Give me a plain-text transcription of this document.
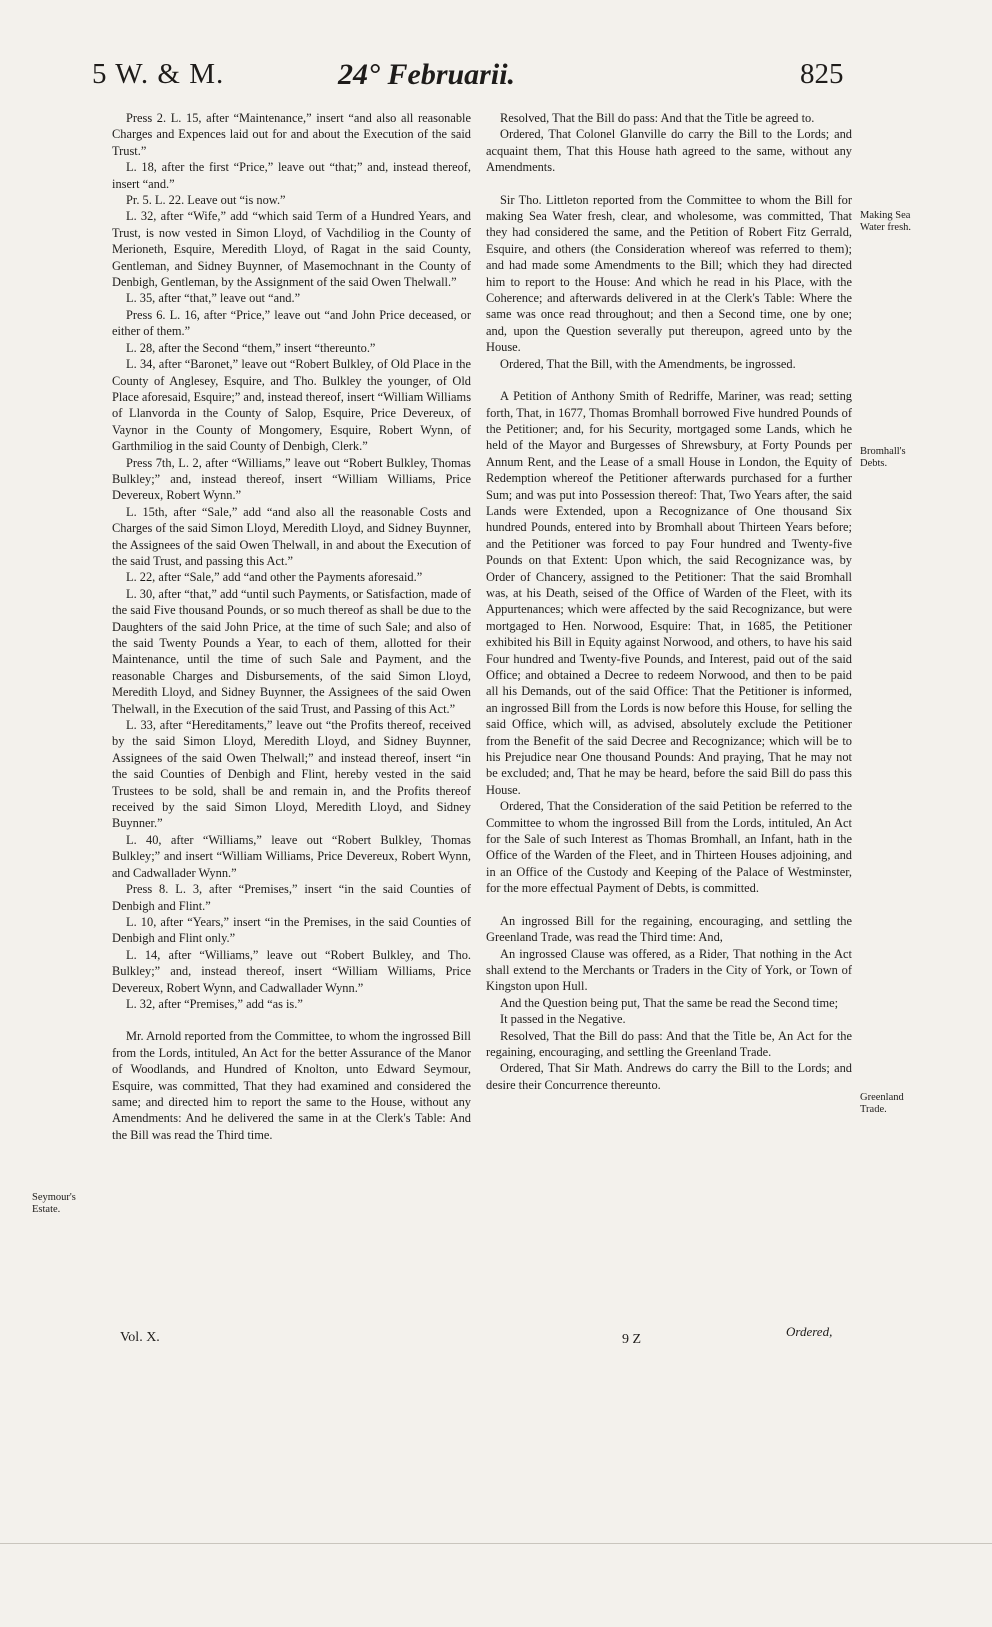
5 W. & M.	24° Februarii.	825

Press 2. L. 15, after “Maintenance,” insert “and also all reasonable Charges and Expences laid out for and about the Execution of the said Trust.”

L. 18, after the first “Price,” leave out “that;” and, instead thereof, insert “and.”

Pr. 5. L. 22. Leave out “is now.”

L. 32, after “Wife,” add “which said Term of a Hundred Years, and Trust, is now vested in Simon Lloyd, of Vachdiliog in the County of Merioneth, Esquire, Meredith Lloyd, of Ragat in the said County, Gentleman, and Sidney Buynner, of Masemochnant in the County of Denbigh, Gentleman, by the Assignment of the said Owen Thelwall.”

L. 35, after “that,” leave out “and.”

Press 6. L. 16, after “Price,” leave out “and John Price deceased, or either of them.”

L. 28, after the Second “them,” insert “thereunto.”

L. 34, after “Baronet,” leave out “Robert Bulkley, of Old Place in the County of Anglesey, Esquire, and Tho. Bulkley the younger, of Old Place aforesaid, Esquire;” and, instead thereof, insert “William Williams of Llanvorda in the County of Salop, Esquire, Price Devereux, of Vaynor in the County of Mongomery, Esquire, Robert Wynn, of Garthmiliog in the said County of Denbigh, Clerk.”

Press 7th, L. 2, after “Williams,” leave out “Robert Bulkley, Thomas Bulkley;” and, instead thereof, insert “William Williams, Price Devereux, Robert Wynn.”

L. 15th, after “Sale,” add “and also all the reasonable Costs and Charges of the said Simon Lloyd, Meredith Lloyd, and Sidney Buynner, the Assignees of the said Owen Thelwall, in and about the Execution of the said Trust, and passing this Act.”

L. 22, after “Sale,” add “and other the Payments aforesaid.”

L. 30, after “that,” add “until such Payments, or Satisfaction, made of the said Five thousand Pounds, or so much thereof as shall be due to the Daughters of the said John Price, at the time of such Sale; and also of the said Twenty Pounds a Year, to each of them, allotted for their Maintenance, until the time of such Sale and Payment, and the reasonable Charges and Disbursements, of the said Simon Lloyd, Meredith Lloyd, and Sidney Buynner, the Assignees of the said Owen Thelwall, in the Execution of the said Trust, and Passing of this Act.”

L. 33, after “Hereditaments,” leave out “the Profits thereof, received by the said Simon Lloyd, Meredith Lloyd, and Sidney Buynner, Assignees of the said Owen Thelwall;” and instead thereof, insert “in the said Counties of Denbigh and Flint, hereby vested in the said Trustees to be sold, shall be and remain in, and the Profits thereof received by the said Simon Lloyd, Meredith Lloyd, and Sidney Buynner.”

L. 40, after “Williams,” leave out “Robert Bulkley, Thomas Bulkley;” and insert “William Williams, Price Devereux, Robert Wynn, and Cadwallader Wynn.”

Press 8. L. 3, after “Premises,” insert “in the said Counties of Denbigh and Flint.”

L. 10, after “Years,” insert “in the Premises, in the said Counties of Denbigh and Flint only.”

L. 14, after “Williams,” leave out “Robert Bulkley, and Tho. Bulkley;” and, instead thereof, insert “William Williams, Price Devereux, Robert Wynn, and Cadwallader Wynn.”

L. 32, after “Premises,” add “as is.”

Mr. Arnold reported from the Committee, to whom the ingrossed Bill from the Lords, intituled, An Act for the better Assurance of the Manor of Woodlands, and Hundred of Knolton, unto Edward Seymour, Esquire, was committed, That they had examined and considered the same; and directed him to report the same to the House, without any Amendments: And he delivered the same in at the Clerk's Table: And the Bill was read the Third time.

Resolved, That the Bill do pass: And that the Title be agreed to.

Ordered, That Colonel Glanville do carry the Bill to the Lords; and acquaint them, That this House hath agreed to the same, without any Amendments.

Sir Tho. Littleton reported from the Committee to whom the Bill for making Sea Water fresh, clear, and wholesome, was committed, That they had considered the same, and the Petition of Robert Fitz Gerrald, Esquire, and others (the Consideration whereof was referred to them); and had made some Amendments to the Bill; which they had directed him to report to the House: And which he read in his Place, with the Coherence; and afterwards delivered in at the Clerk's Table: Where the same was once read throughout; and then a Second time, one by one; and, upon the Question severally put thereupon, agreed unto by the House.

Ordered, That the Bill, with the Amendments, be ingrossed.

A Petition of Anthony Smith of Redriffe, Mariner, was read; setting forth, That, in 1677, Thomas Bromhall borrowed Five hundred Pounds of the Petitioner; and, for his Security, mortgaged some Lands, which he held of the Mayor and Burgesses of Shrewsbury, at Forty Pounds per Annum Rent, and the Lease of a small House in London, the Equity of Redemption whereof the Petitioner afterwards purchased for a further Sum; and was put into Possession thereof: That, Two Years after, the said Lands were Extended, upon a Recognizance of One thousand Six hundred Pounds, entered into by Bromhall about Thirteen Years before; and the Petitioner was forced to pay Four hundred and Twenty-five Pounds on that Extent: Upon which, the said Recognizance was, by Order of Chancery, assigned to the Petitioner: That the said Bromhall was, at his Death, seised of the Office of Warden of the Fleet, with its Appurtenances; which were affected by the said Recognizance, but were mortgaged to Hen. Norwood, Esquire: That, in 1685, the Petitioner exhibited his Bill in Equity against Norwood, and others, to have his said Four hundred and Twenty-five Pounds, and Interest, paid out of the said Office; and obtained a Decree to redeem Norwood, and then to be paid all his Demands, out of the said Office: That the Petitioner is informed, an ingrossed Bill from the Lords is now before this House, for selling the said Office, which will, as advised, absolutely exclude the Petitioner from the Benefit of the said Decree and Recognizance; which will be to his Prejudice near One thousand Pounds: And praying, That he may not be excluded; and, That he may be heard, before the said Bill do pass this House.

Ordered, That the Consideration of the said Petition be referred to the Committee to whom the ingrossed Bill from the Lords, intituled, An Act for the Sale of such Interest as Thomas Bromhall, an Infant, hath in the Office of the Warden of the Fleet, and in Thirteen Houses adjoining, and in an Office of the Custody and Keeping of the Palace of Westminster, for the more effectual Payment of Debts, is committed.

An ingrossed Bill for the regaining, encouraging, and settling the Greenland Trade, was read the Third time: And,

An ingrossed Clause was offered, as a Rider, That nothing in the Act shall extend to the Merchants or Traders in the City of York, or Town of Kingston upon Hull.

And the Question being put, That the same be read the Second time;

It passed in the Negative.

Resolved, That the Bill do pass: And that the Title be, An Act for the regaining, encouraging, and settling the Greenland Trade.

Ordered, That Sir Math. Andrews do carry the Bill to the Lords; and desire their Concurrence thereunto.

Making Sea Water fresh.
Bromhall's Debts.
Greenland Trade.
Seymour's Estate.
Vol. X.	9 Z
Ordered,
